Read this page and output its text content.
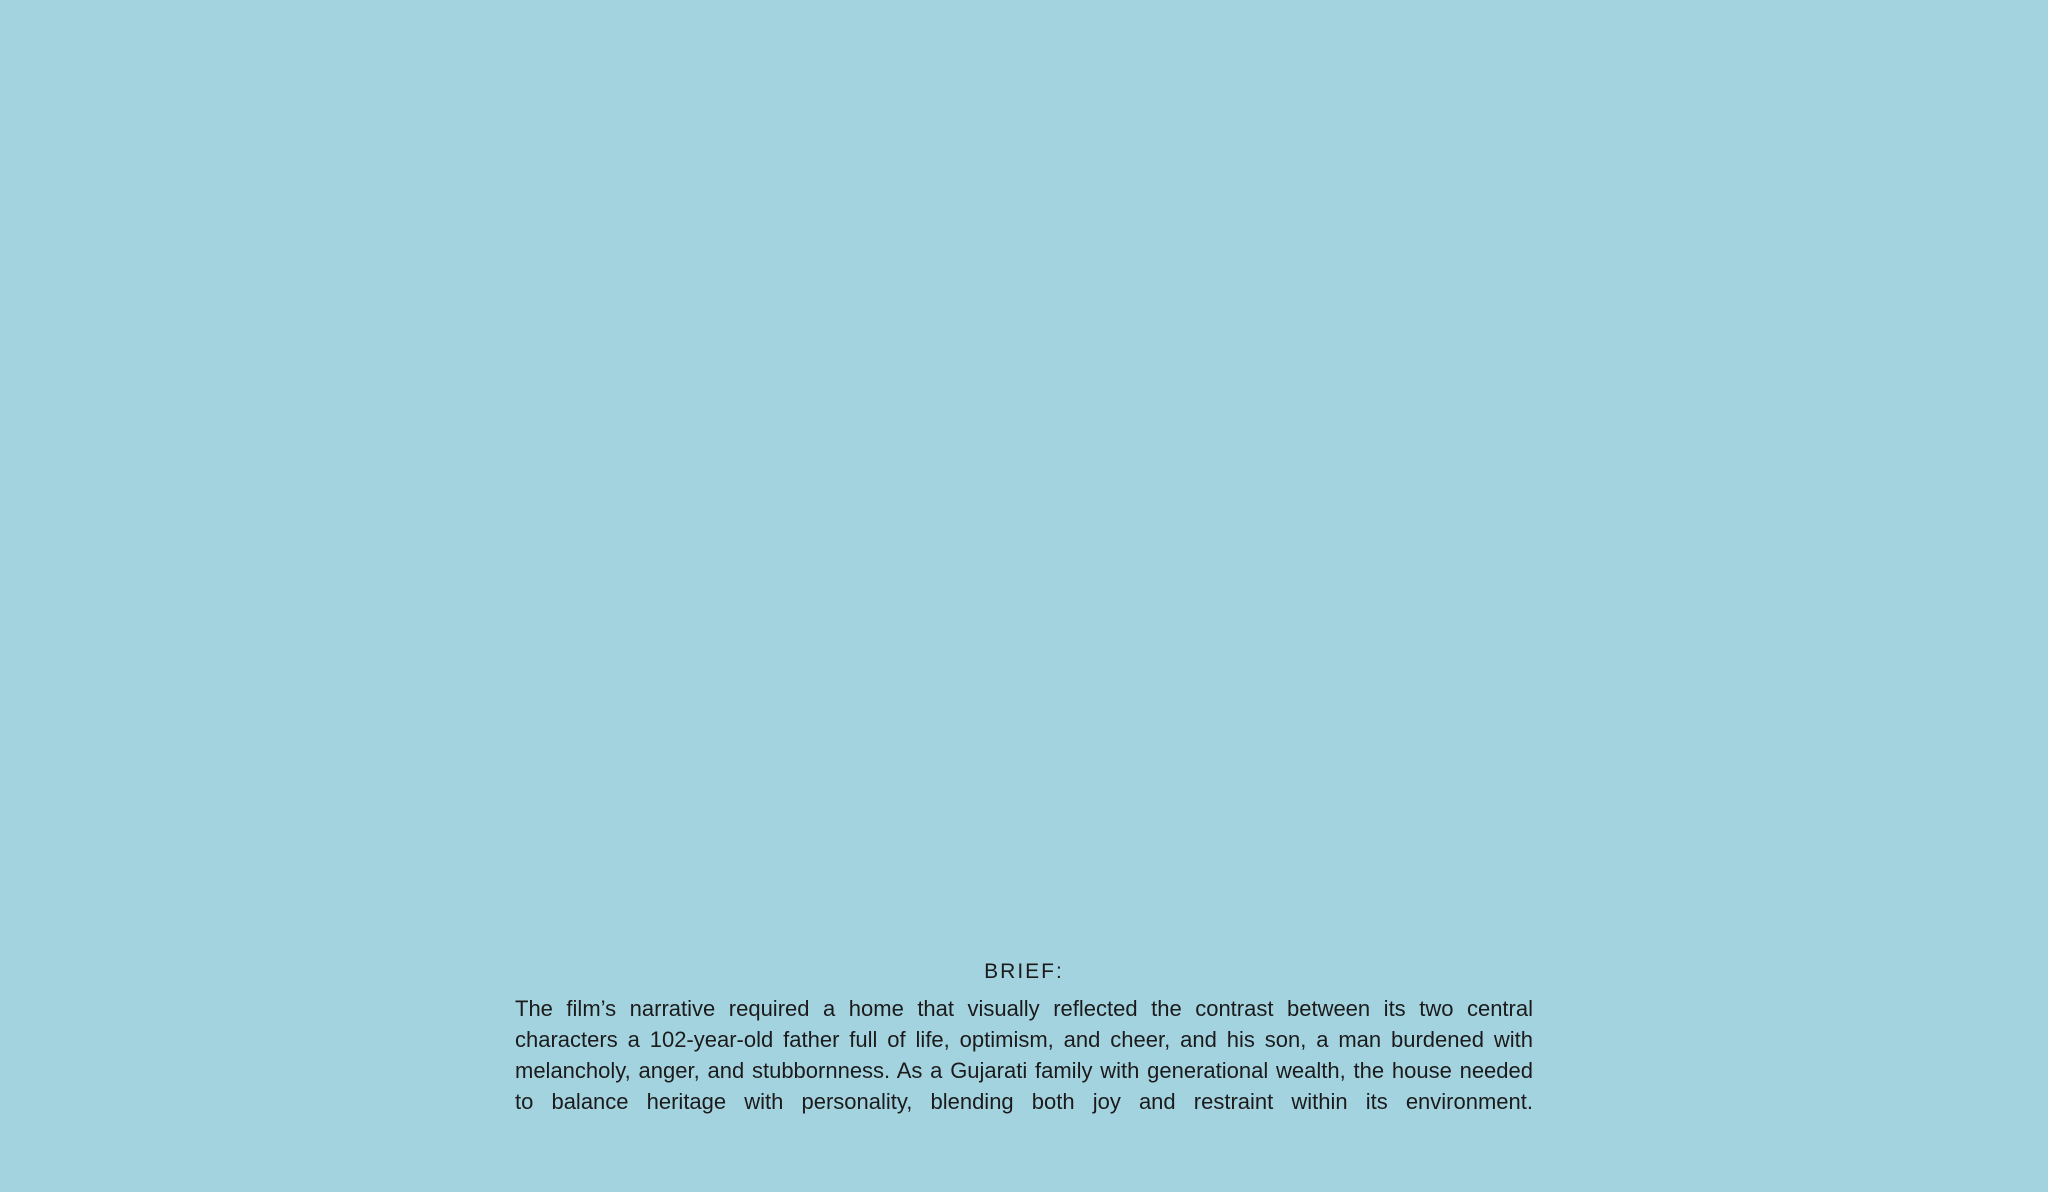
BRIEF:

The film’s narrative required a home that visually reflected the contrast between its two central characters a 102-year-old father full of life, optimism, and cheer, and his son, a man burdened with melancholy, anger, and stubbornness. As a Gujarati family with generational wealth, the house needed to balance heritage with personality, blending both joy and restraint within its environment.
